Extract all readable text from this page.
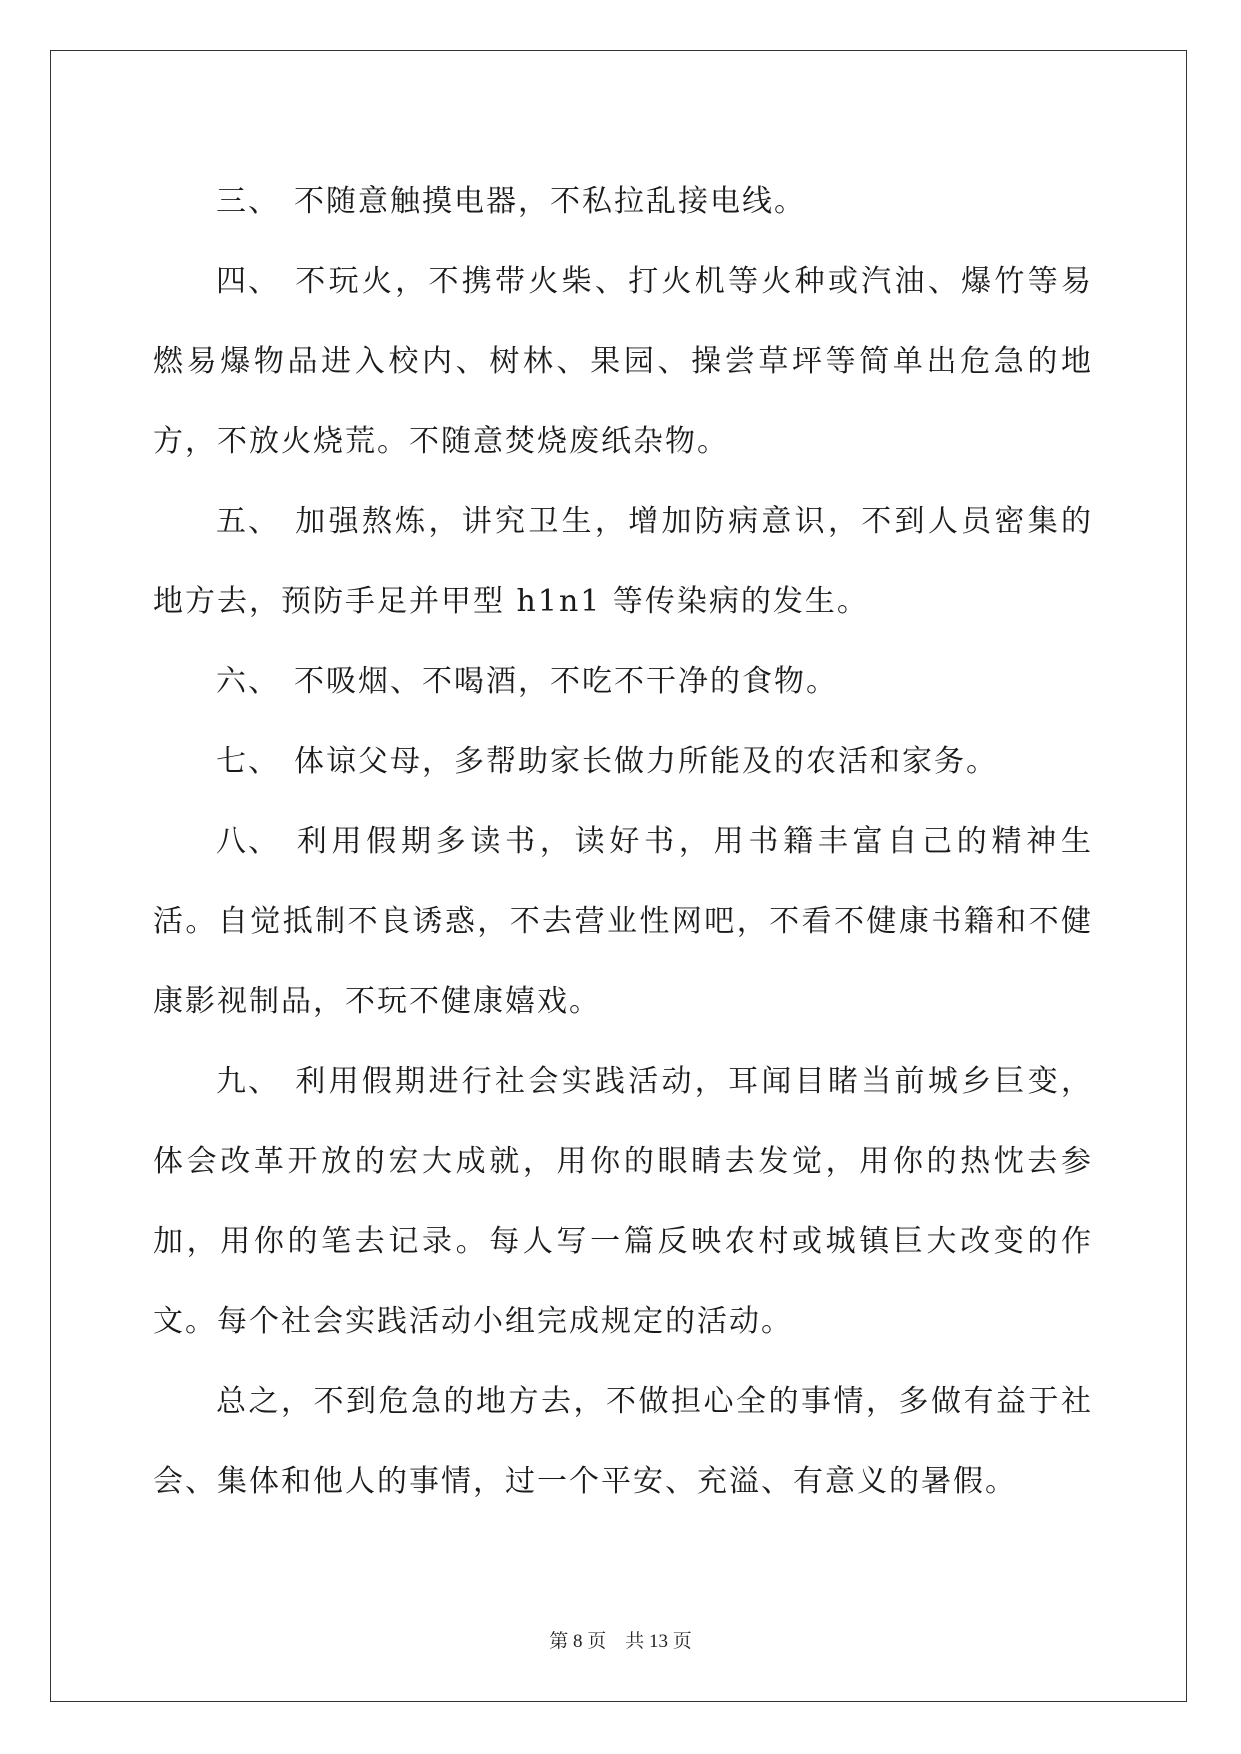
三、 不随意触摸电器，不私拉乱接电线。

四、 不玩火，不携带火柴、打火机等火种或汽油、爆竹等易燃易爆物品进入校内、树林、果园、操尝草坪等简单出危急的地方，不放火烧荒。不随意焚烧废纸杂物。

五、 加强熬炼，讲究卫生，增加防病意识，不到人员密集的地方去，预防手足并甲型 h1n1 等传染病的发生。

六、 不吸烟、不喝酒，不吃不干净的食物。

七、 体谅父母，多帮助家长做力所能及的农活和家务。

八、 利用假期多读书，读好书，用书籍丰富自己的精神生活。自觉抵制不良诱惑，不去营业性网吧，不看不健康书籍和不健康影视制品，不玩不健康嬉戏。

九、 利用假期进行社会实践活动，耳闻目睹当前城乡巨变，体会改革开放的宏大成就，用你的眼睛去发觉，用你的热忱去参加，用你的笔去记录。每人写一篇反映农村或城镇巨大改变的作文。每个社会实践活动小组完成规定的活动。

总之，不到危急的地方去，不做担心全的事情，多做有益于社会、集体和他人的事情，过一个平安、充溢、有意义的暑假。

第 8 页 共 13 页
